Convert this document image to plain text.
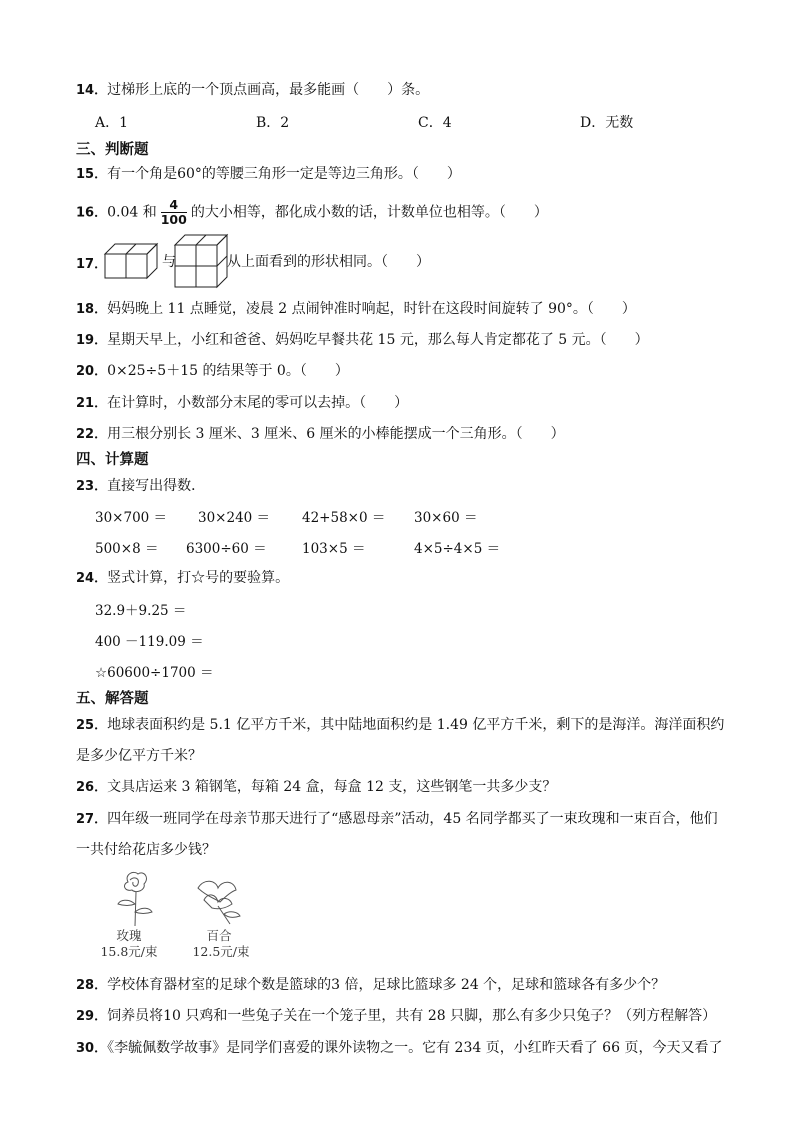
14．过梯形上底的一个顶点画高，最多能画（　　）条。
A．1	B．2	C．4	D．无数
三、判断题
15．有一个角是60°的等腰三角形一定是等边三角形。（　　）
16．0.04 和 $\frac{4}{100}$ 的大小相等，都化成小数的话，计数单位也相等。（　　）
17．	与	从上面看到的形状相同。（　　）
18．妈妈晚上 11 点睡觉，凌晨 2 点闹钟准时响起，时针在这段时间旋转了 90°。（　　）
19．星期天早上，小红和爸爸、妈妈吃早餐共花 15 元，那么每人肯定都花了 5 元。（　　）
20．0×25÷5＋15 的结果等于 0。（　　）
21．在计算时，小数部分末尾的零可以去掉。（　　）
22．用三根分别长 3 厘米、3 厘米、6 厘米的小棒能摆成一个三角形。（　　）
四、计算题
23．直接写出得数．
30×700 ＝ 30×240 ＝ 42+58×0 ＝ 30×60 ＝
500×8 ＝ 6300÷60 ＝	103×5 ＝	4×5÷4×5 ＝
24．竖式计算，打☆号的要验算。
32.9＋9.25 ＝
400 －119.09 ＝
☆60600÷1700 ＝
五、解答题
25．地球表面积约是 5.1 亿平方千米，其中陆地面积约是 1.49 亿平方千米，剩下的是海洋。海洋面积约
是多少亿平方千米？
26．文具店运来 3 箱钢笔，每箱 24 盒，每盒 12 支，这些钢笔一共多少支？
27．四年级一班同学在母亲节那天进行了“感恩母亲”活动，45 名同学都买了一束玫瑰和一束百合，他们
一共付给花店多少钱？
玫瑰
15.8元/束
百合
12.5元/束
28．学校体育器材室的足球个数是篮球的3 倍，足球比篮球多 24 个，足球和篮球各有多少个？
29．饲养员将10 只鸡和一些兔子关在一个笼子里，共有 28 只脚，那么有多少只兔子？（列方程解答）
30．《李毓佩数学故事》是同学们喜爱的课外读物之一。它有 234 页，小红昨天看了 66 页，今天又看了
